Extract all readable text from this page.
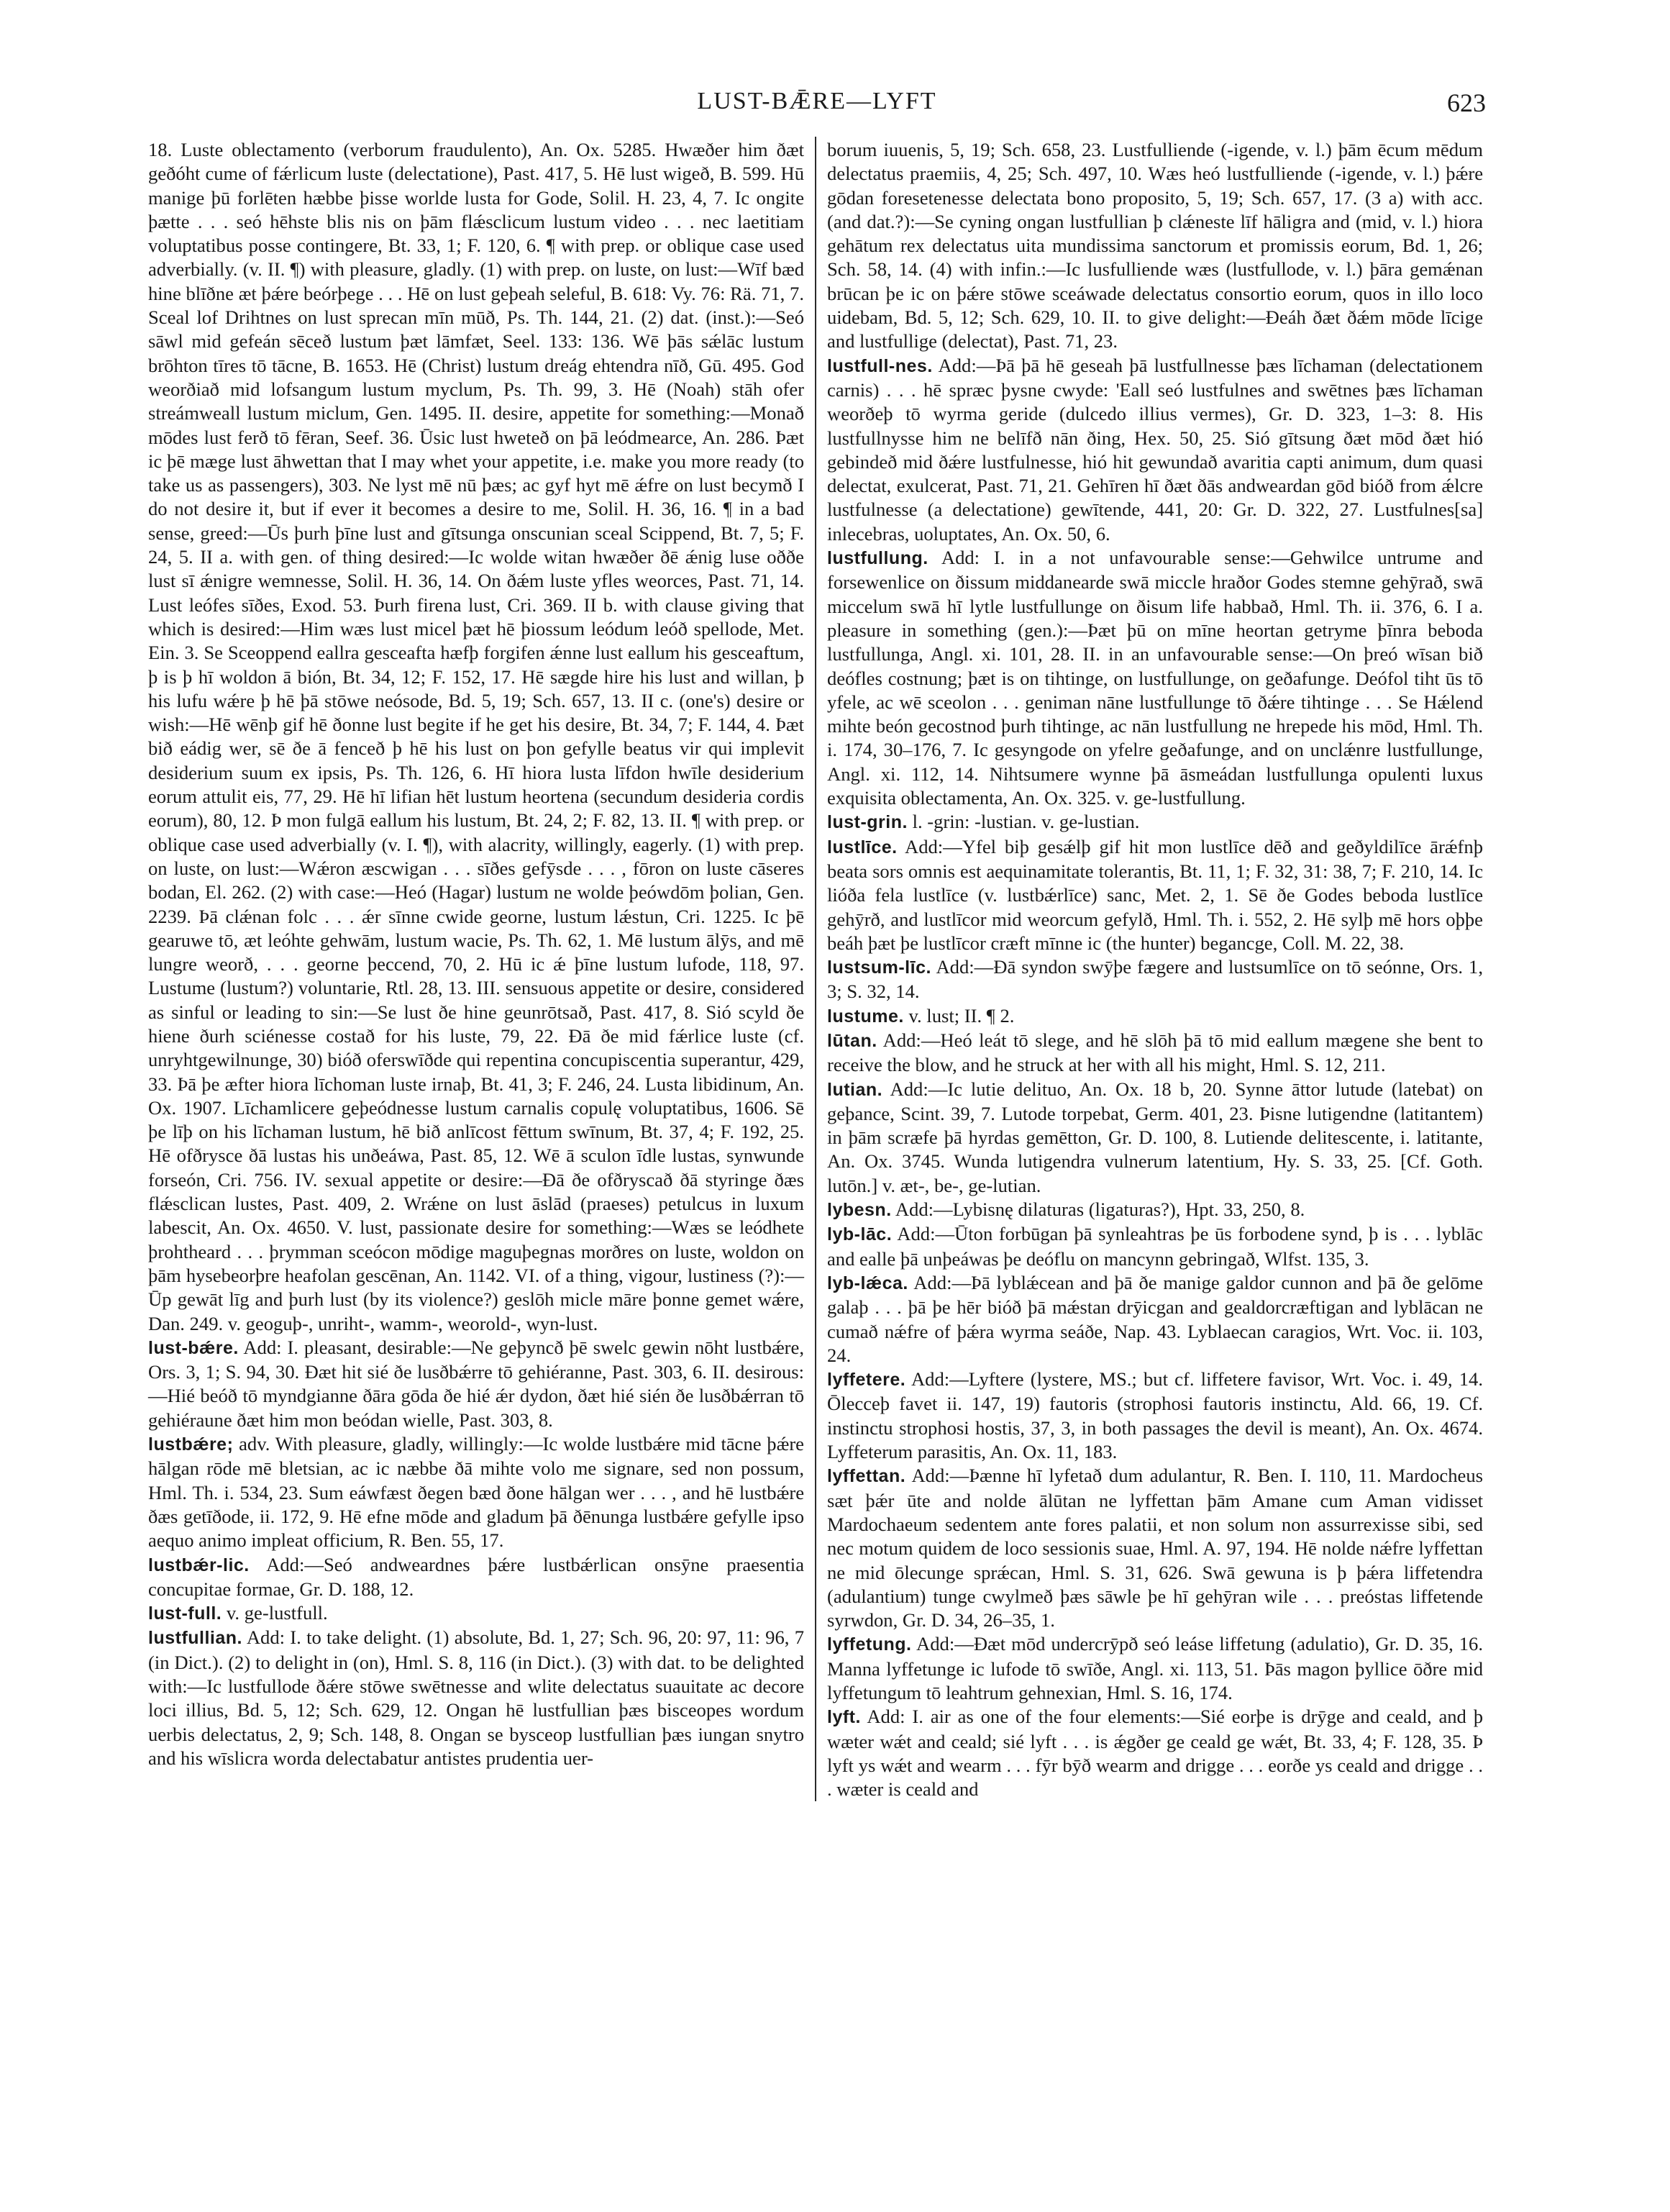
LUST-BǢRE—LYFT	623

18. Luste oblectamento (verborum fraudulento), An. Ox. 5285. Hwæðer him ðæt geðóht cume of fǽrlicum luste (delectatione), Past. 417, 5. Hē lust wigeð, B. 599. Hū manige þū forlēten hæbbe þisse worlde lusta for Gode, Solil. H. 23, 4, 7. Ic ongite þætte . . . seó hēhste blis nis on þām flǽsclicum lustum video . . . nec laetitiam voluptatibus posse contingere, Bt. 33, 1; F. 120, 6. ¶ with prep. or oblique case used adverbially. (v. II. ¶) with pleasure, gladly. (1) with prep. on luste, on lust:—Wīf bæd hine blīðne æt þǽre beórþege . . . Hē on lust geþeah seleful, B. 618: Vy. 76: Rä. 71, 7. Sceal lof Drihtnes on lust sprecan mīn mūð, Ps. Th. 144, 21. (2) dat. (inst.):—Seó sāwl mid gefeán sēceð lustum þæt lāmfæt, Seel. 133: 136. Wē þās sǽlāc lustum brōhton tīres tō tācne, B. 1653. Hē (Christ) lustum dreág ehtendra nīð, Gū. 495. God weorðiað mid lofsangum lustum myclum, Ps. Th. 99, 3. Hē (Noah) stāh ofer streámweall lustum miclum, Gen. 1495. II. desire, appetite for something:—Monað mōdes lust ferð tō fēran, Seef. 36. Ūsic lust hweteð on þā leódmearce, An. 286. Þæt ic þē mæge lust āhwettan that I may whet your appetite, i.e. make you more ready (to take us as passengers), 303. Ne lyst mē nū þæs; ac gyf hyt mē ǽfre on lust becymð I do not desire it, but if ever it becomes a desire to me, Solil. H. 36, 16. ¶ in a bad sense, greed:—Ūs þurh þīne lust and gītsunga onscunian sceal Scippend, Bt. 7, 5; F. 24, 5. II a. with gen. of thing desired:—Ic wolde witan hwæðer ðē ǽnig luse oððe lust sī ǽnigre wemnesse, Solil. H. 36, 14. On ðǽm luste yfles weorces, Past. 71, 14. Lust leófes sīðes, Exod. 53. Þurh firena lust, Cri. 369. II b. with clause giving that which is desired:—Him wæs lust micel þæt hē þiossum leódum leóð spellode, Met. Ein. 3. Se Sceoppend eallra gesceafta hæfþ forgifen ǽnne lust eallum his gesceaftum, þ is þ hī woldon ā bión, Bt. 34, 12; F. 152, 17. Hē sægde hire his lust and willan, þ his lufu wǽre þ hē þā stōwe neósode, Bd. 5, 19; Sch. 657, 13. II c. (one's) desire or wish:—Hē wēnþ gif hē ðonne lust begite if he get his desire, Bt. 34, 7; F. 144, 4. Þæt bið eádig wer, sē ðe ā fenceð þ hē his lust on þon gefylle beatus vir qui implevit desiderium suum ex ipsis, Ps. Th. 126, 6. Hī hiora lusta līfdon hwīle desiderium eorum attulit eis, 77, 29. Hē hī lifian hēt lustum heortena (secundum desideria cordis eorum), 80, 12. Þ mon fulgā eallum his lustum, Bt. 24, 2; F. 82, 13. II. ¶ with prep. or oblique case used adverbially (v. I. ¶), with alacrity, willingly, eagerly. (1) with prep. on luste, on lust:—Wǽron æscwigan . . . sīðes gefȳsde . . . , fōron on luste cāseres bodan, El. 262. (2) with case:—Heó (Hagar) lustum ne wolde þeówdōm þolian, Gen. 2239. Þā clǽnan folc . . . ǽr sīnne cwide georne, lustum lǽstun, Cri. 1225. Ic þē gearuwe tō, æt leóhte gehwām, lustum wacie, Ps. Th. 62, 1. Mē lustum ālȳs, and mē lungre weorð, . . . georne þeccend, 70, 2. Hū ic ǽ þīne lustum lufode, 118, 97. Lustume (lustum?) voluntarie, Rtl. 28, 13. III. sensuous appetite or desire, considered as sinful or leading to sin:—Se lust ðe hine geunrōtsað, Past. 417, 8. Sió scyld ðe hiene ðurh sciénesse costað for his luste, 79, 22. Ðā ðe mid fǽrlice luste (cf. unryhtgewilnunge, 30) bióð oferswīðde qui repentina concupiscentia superantur, 429, 33. Þā þe æfter hiora līchoman luste irnaþ, Bt. 41, 3; F. 246, 24. Lusta libidinum, An. Ox. 1907. Līchamlicere geþeódnesse lustum carnalis copulę voluptatibus, 1606. Sē þe līþ on his līchaman lustum, hē bið anlīcost fēttum swīnum, Bt. 37, 4; F. 192, 25. Hē ofðrysce ðā lustas his unðeáwa, Past. 85, 12. Wē ā sculon īdle lustas, synwunde forseón, Cri. 756. IV. sexual appetite or desire:—Ðā ðe ofðryscað ðā styringe ðæs flǽsclican lustes, Past. 409, 2. Wrǽne on lust āslād (praeses) petulcus in luxum labescit, An. Ox. 4650. V. lust, passionate desire for something:—Wæs se leódhete þrohtheard . . . þrymman sceócon mōdige maguþegnas morðres on luste, woldon on þām hysebeorþre heafolan gescēnan, An. 1142. VI. of a thing, vigour, lustiness (?):—Ūp gewāt līg and þurh lust (by its violence?) geslōh micle māre þonne gemet wǽre, Dan. 249. v. geoguþ-, unriht-, wamm-, weorold-, wyn-lust.

lust-bǽre. Add: I. pleasant, desirable:—Ne geþyncð þē swelc gewin nōht lustbǽre, Ors. 3, 1; S. 94, 30. Ðæt hit sié ðe lusðbǽrre tō gehiéranne, Past. 303, 6. II. desirous:—Hié beóð tō myndgianne ðāra gōda ðe hié ǽr dydon, ðæt hié sién ðe lusðbǽrran tō gehiéraune ðæt him mon beódan wielle, Past. 303, 8.

lustbǽre; adv. With pleasure, gladly, willingly:—Ic wolde lustbǽre mid tācne þǽre hālgan rōde mē bletsian, ac ic næbbe ðā mihte volo me signare, sed non possum, Hml. Th. i. 534, 23. Sum eáwfæst ðegen bæd ðone hālgan wer . . . , and hē lustbǽre ðæs getīðode, ii. 172, 9. Hē efne mōde and gladum þā ðēnunga lustbǽre gefylle ipso aequo animo impleat officium, R. Ben. 55, 17.

lustbǽr-lic. Add:—Seó andweardnes þǽre lustbǽrlican onsȳne praesentia concupitae formae, Gr. D. 188, 12.

lust-full. v. ge-lustfull.

lustfullian. Add: I. to take delight. (1) absolute, Bd. 1, 27; Sch. 96, 20: 97, 11: 96, 7 (in Dict.). (2) to delight in (on), Hml. S. 8, 116 (in Dict.). (3) with dat. to be delighted with:—Ic lustfullode ðǽre stōwe swētnesse and wlite delectatus suauitate ac decore loci illius, Bd. 5, 12; Sch. 629, 12. Ongan hē lustfullian þæs bisceopes wordum uerbis delectatus, 2, 9; Sch. 148, 8. Ongan se bysceop lustfullian þæs iungan snytro and his wīslicra worda delectabatur antistes prudentia uer-

borum iuuenis, 5, 19; Sch. 658, 23. Lustfulliende (-igende, v. l.) þām ēcum mēdum delectatus praemiis, 4, 25; Sch. 497, 10. Wæs heó lustfulliende (-igende, v. l.) þǽre gōdan foresetenesse delectata bono proposito, 5, 19; Sch. 657, 17. (3 a) with acc. (and dat.?):—Se cyning ongan lustfullian þ clǽneste līf hāligra and (mid, v. l.) hiora gehātum rex delectatus uita mundissima sanctorum et promissis eorum, Bd. 1, 26; Sch. 58, 14. (4) with infin.:—Ic lusfulliende wæs (lustfullode, v. l.) þāra gemǽnan brūcan þe ic on þǽre stōwe sceáwade delectatus consortio eorum, quos in illo loco uidebam, Bd. 5, 12; Sch. 629, 10. II. to give delight:—Ðeáh ðæt ðǽm mōde līcige and lustfullige (delectat), Past. 71, 23.

lustfull-nes. Add:—Þā þā hē geseah þā lustfullnesse þæs līchaman (delectationem carnis) . . . hē spræc þysne cwyde: 'Eall seó lustfulnes and swētnes þæs līchaman weorðeþ tō wyrma geride (dulcedo illius vermes), Gr. D. 323, 1–3: 8. His lustfullnysse him ne belīfð nān ðing, Hex. 50, 25. Sió gītsung ðæt mōd ðæt hió gebindeð mid ðǽre lustfulnesse, hió hit gewundað avaritia capti animum, dum quasi delectat, exulcerat, Past. 71, 21. Gehīren hī ðæt ðās andweardan gōd bióð from ǽlcre lustfulnesse (a delectatione) gewītende, 441, 20: Gr. D. 322, 27. Lustfulnes[sa] inlecebras, uoluptates, An. Ox. 50, 6.

lustfullung. Add: I. in a not unfavourable sense:—Gehwilce untrume and forsewenlice on ðissum middanearde swā miccle hraðor Godes stemne gehȳrað, swā miccelum swā hī lytle lustfullunge on ðisum life habbað, Hml. Th. ii. 376, 6. I a. pleasure in something (gen.):—Þæt þū on mīne heortan getryme þīnra beboda lustfullunga, Angl. xi. 101, 28. II. in an unfavourable sense:—On þreó wīsan bið deófles costnung; þæt is on tihtinge, on lustfullunge, on geðafunge. Deófol tiht ūs tō yfele, ac wē sceolon . . . geniman nāne lustfullunge tō ðǽre tihtinge . . . Se Hǽlend mihte beón gecostnod þurh tihtinge, ac nān lustfullung ne hrepede his mōd, Hml. Th. i. 174, 30–176, 7. Ic gesyngode on yfelre geðafunge, and on unclǽnre lustfullunge, Angl. xi. 112, 14. Nihtsumere wynne þā āsmeádan lustfullunga opulenti luxus exquisita oblectamenta, An. Ox. 325. v. ge-lustfullung.

lust-grin. l. -grin: -lustian. v. ge-lustian.

lustlīce. Add:—Yfel biþ gesǽlþ gif hit mon lustlīce dēð and geðyldilīce ārǽfnþ beata sors omnis est aequinamitate tolerantis, Bt. 11, 1; F. 32, 31: 38, 7; F. 210, 14. Ic lióða fela lustlīce (v. lustbǽrlīce) sanc, Met. 2, 1. Sē ðe Godes beboda lustlīce gehȳrð, and lustlīcor mid weorcum gefylð, Hml. Th. i. 552, 2. Hē sylþ mē hors oþþe beáh þæt þe lustlīcor cræft mīnne ic (the hunter) begancge, Coll. M. 22, 38.

lustsum-līc. Add:—Ðā syndon swȳþe fægere and lustsumlīce on tō seónne, Ors. 1, 3; S. 32, 14.

lustume. v. lust; II. ¶ 2.

lūtan. Add:—Heó leát tō slege, and hē slōh þā tō mid eallum mægene she bent to receive the blow, and he struck at her with all his might, Hml. S. 12, 211.

lutian. Add:—Ic lutie delituo, An. Ox. 18 b, 20. Synne āttor lutude (latebat) on geþance, Scint. 39, 7. Lutode torpebat, Germ. 401, 23. Þisne lutigendne (latitantem) in þām scræfe þā hyrdas gemētton, Gr. D. 100, 8. Lutiende delitescente, i. latitante, An. Ox. 3745. Wunda lutigendra vulnerum latentium, Hy. S. 33, 25. [Cf. Goth. lutōn.] v. æt-, be-, ge-lutian.

lybesn. Add:—Lybisnę dilaturas (ligaturas?), Hpt. 33, 250, 8.

lyb-lāc. Add:—Ūton forbūgan þā synleahtras þe ūs forbodene synd, þ is . . . lyblāc and ealle þā unþeáwas þe deóflu on mancynn gebringað, Wlfst. 135, 3.

lyb-lǽca. Add:—Þā lyblǽcean and þā ðe manige galdor cunnon and þā ðe gelōme galaþ . . . þā þe hēr bióð þā mǽstan drȳicgan and gealdorcræftigan and lyblācan ne cumað nǽfre of þǽra wyrma seáðe, Nap. 43. Lyblaecan caragios, Wrt. Voc. ii. 103, 24.

lyffetere. Add:—Lyftere (lystere, MS.; but cf. liffetere favisor, Wrt. Voc. i. 49, 14. Ōlecceþ favet ii. 147, 19) fautoris (strophosi fautoris instinctu, Ald. 66, 19. Cf. instinctu strophosi hostis, 37, 3, in both passages the devil is meant), An. Ox. 4674. Lyffeterum parasitis, An. Ox. 11, 183.

lyffettan. Add:—Þænne hī lyfetað dum adulantur, R. Ben. I. 110, 11. Mardocheus sæt þǽr ūte and nolde ālūtan ne lyffettan þām Amane cum Aman vidisset Mardochaeum sedentem ante fores palatii, et non solum non assurrexisse sibi, sed nec motum quidem de loco sessionis suae, Hml. A. 97, 194. Hē nolde nǽfre lyffettan ne mid ōlecunge sprǽcan, Hml. S. 31, 626. Swā gewuna is þ þǽra liffetendra (adulantium) tunge cwylmeð þæs sāwle þe hī gehȳran wile . . . preóstas liffetende syrwdon, Gr. D. 34, 26–35, 1.

lyffetung. Add:—Ðæt mōd undercrȳpð seó leáse liffetung (adulatio), Gr. D. 35, 16. Manna lyffetunge ic lufode tō swīðe, Angl. xi. 113, 51. Þās magon þyllice ōðre mid lyffetungum tō leahtrum gehnexian, Hml. S. 16, 174.

lyft. Add: I. air as one of the four elements:—Sié eorþe is drȳge and ceald, and þ wæter wǽt and ceald; sié lyft . . . is ǽgðer ge ceald ge wǽt, Bt. 33, 4; F. 128, 35. Þ lyft ys wǽt and wearm . . . fȳr bȳð wearm and drigge . . . eorðe ys ceald and drigge . . . wæter is ceald and
